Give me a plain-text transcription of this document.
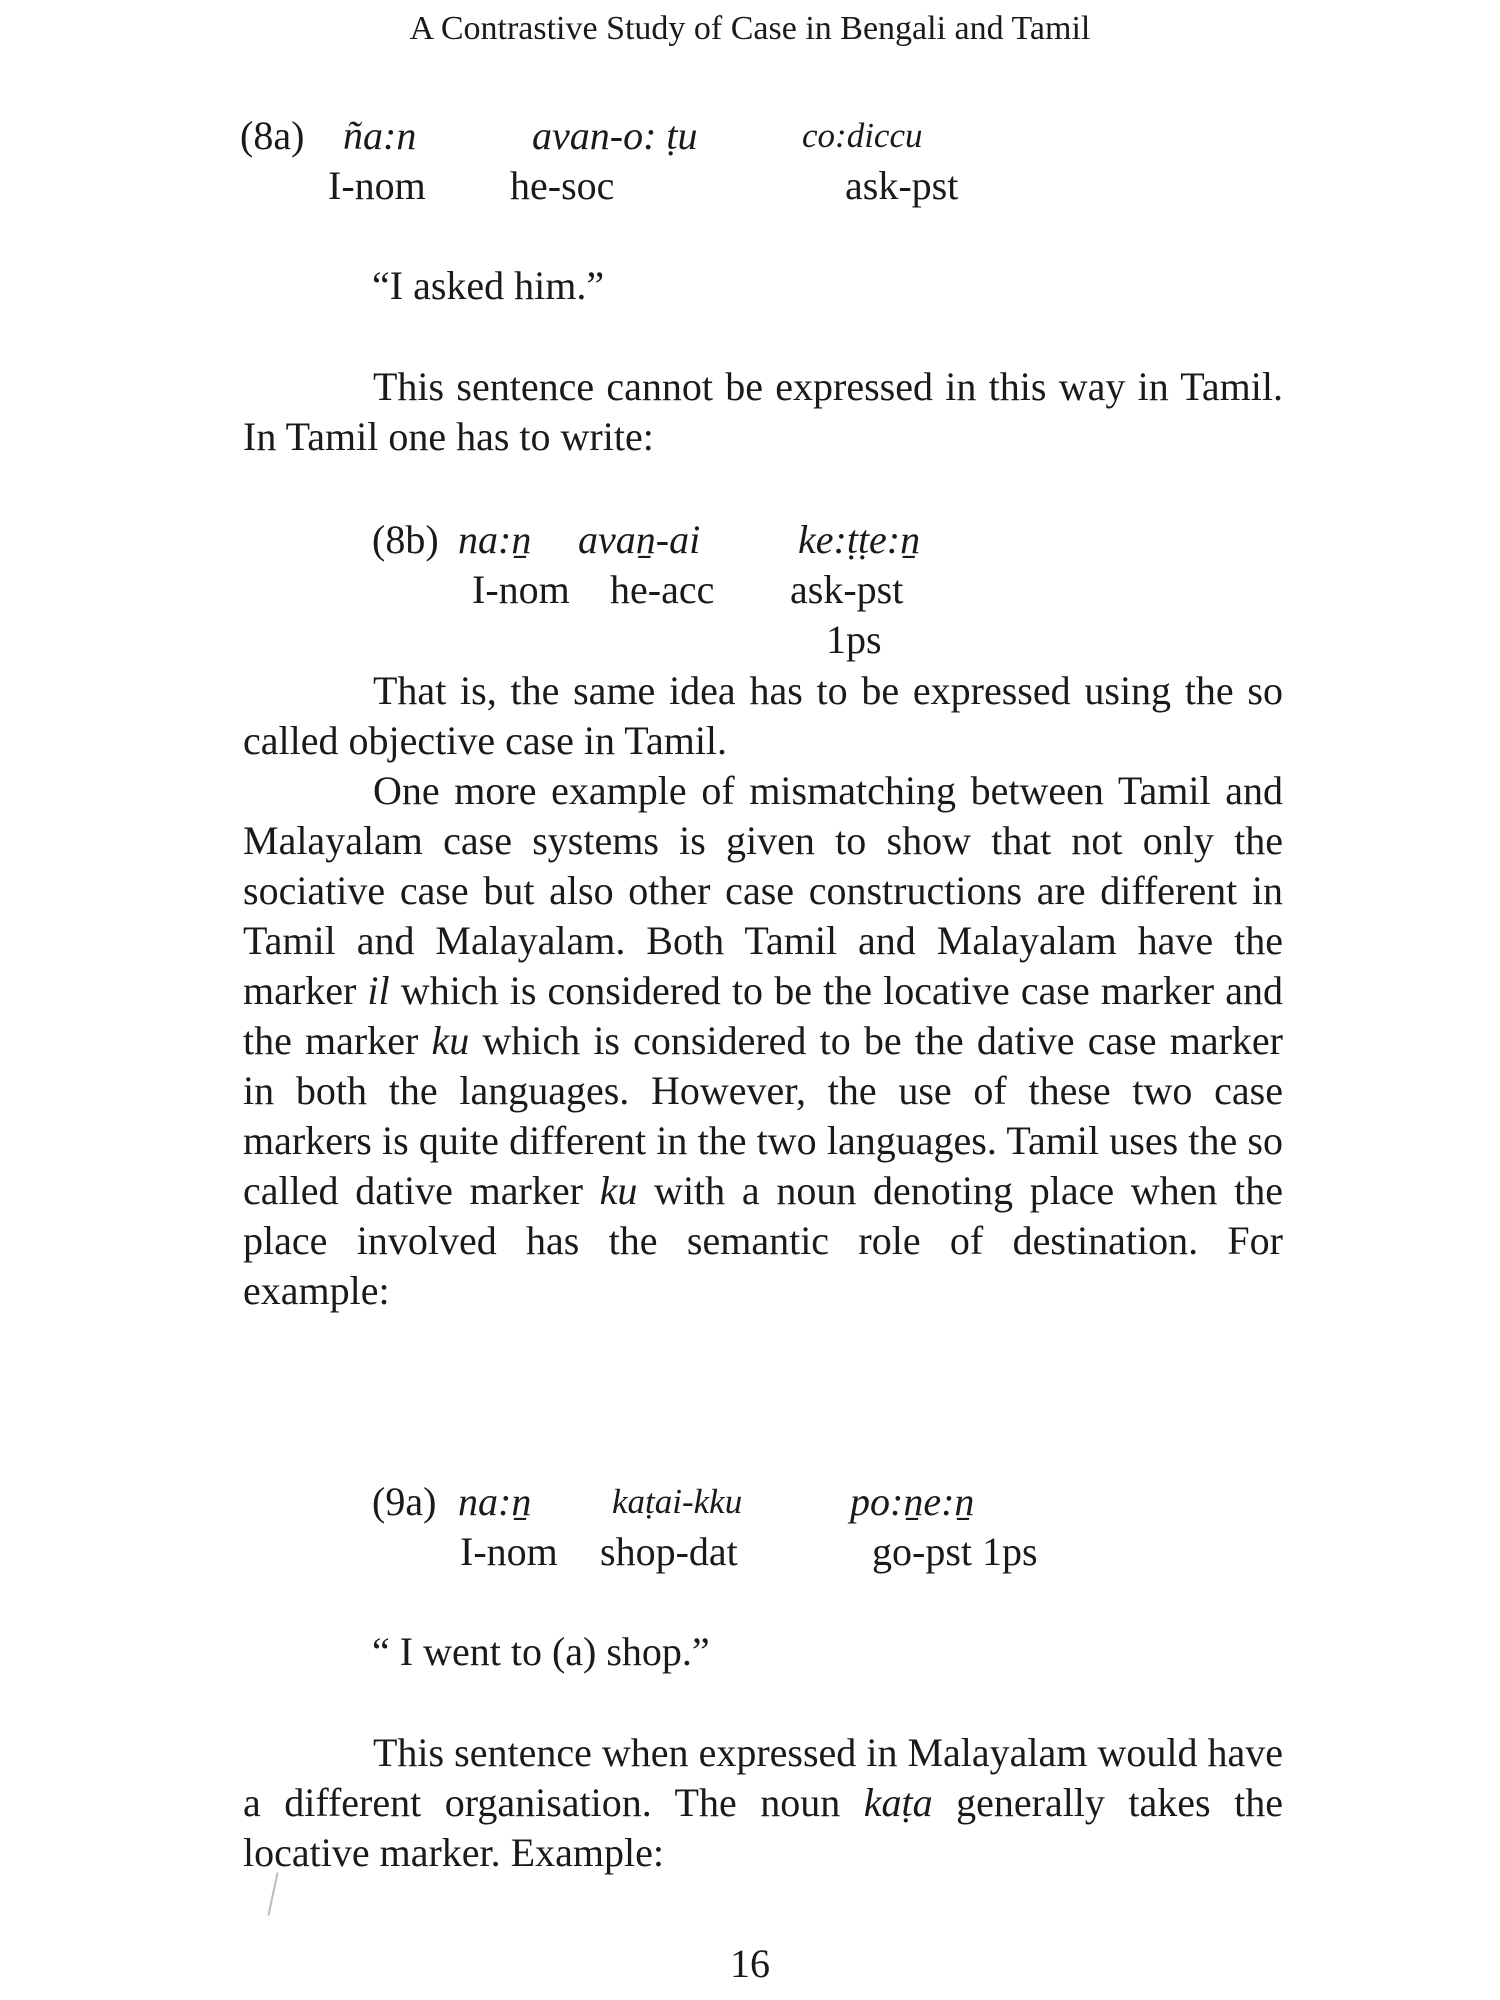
A Contrastive Study of Case in Bengali and Tamil
(8a) ña:n	avan-o: ṭu	co:diccu
I-nom he-soc	ask-pst
“I asked him.”

This sentence cannot be expressed in this way in Tamil. In Tamil one has to write:

(8b) na:n̠ avan̠-ai ke:ṭṭe:n̠
I-nom he-acc ask-pst
1ps

That is, the same idea has to be expressed using the so called objective case in Tamil.

One more example of mismatching between Tamil and Malayalam case systems is given to show that not only the sociative case but also other case constructions are different in Tamil and Malayalam. Both Tamil and Malayalam have the marker il which is considered to be the locative case marker and the marker ku which is considered to be the dative case marker in both the languages. However, the use of these two case markers is quite different in the two languages. Tamil uses the so called dative marker ku with a noun denoting place when the place involved has the semantic role of destination. For example:

(9a) na:n̠ kaṭai-kku	po:n̠e:n̠
I-nom shop-dat	go-pst 1ps
“ I went to (a) shop.”

This sentence when expressed in Malayalam would have a different organisation. The noun kaṭa generally takes the locative marker. Example:

16
